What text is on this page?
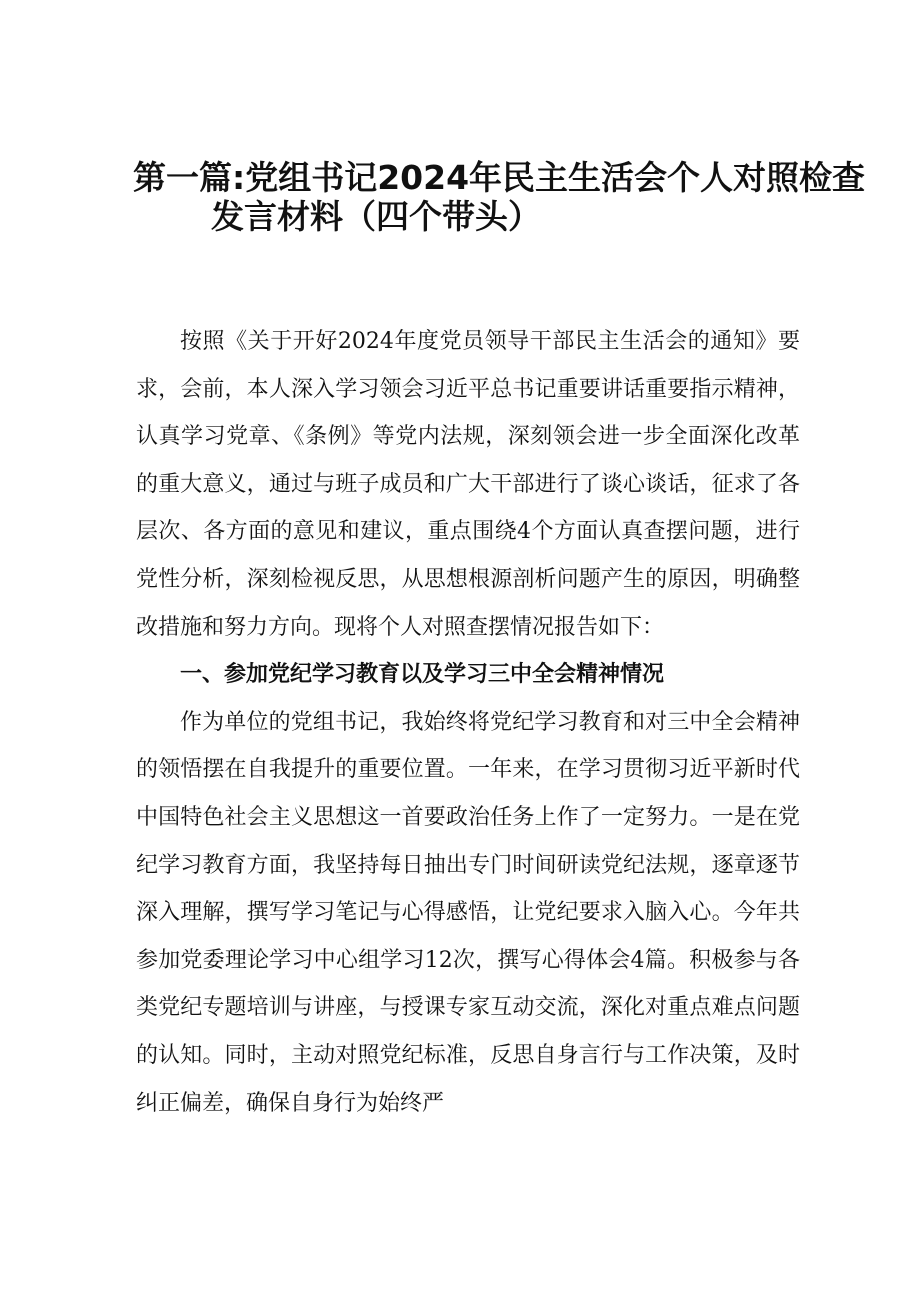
第一篇:党组书记2024年民主生活会个人对照检查
发言材料（四个带头）

按照《关于开好2024年度党员领导干部民主生活会的通知》要求，会前，本人深入学习领会习近平总书记重要讲话重要指示精神，认真学习党章、《条例》等党内法规，深刻领会进一步全面深化改革的重大意义，通过与班子成员和广大干部进行了谈心谈话，征求了各层次、各方面的意见和建议，重点围绕4个方面认真查摆问题，进行党性分析，深刻检视反思，从思想根源剖析问题产生的原因，明确整改措施和努力方向。现将个人对照查摆情况报告如下：

一、参加党纪学习教育以及学习三中全会精神情况

作为单位的党组书记，我始终将党纪学习教育和对三中全会精神的领悟摆在自我提升的重要位置。一年来，在学习贯彻习近平新时代中国特色社会主义思想这一首要政治任务上作了一定努力。一是在党纪学习教育方面，我坚持每日抽出专门时间研读党纪法规，逐章逐节深入理解，撰写学习笔记与心得感悟，让党纪要求入脑入心。今年共参加党委理论学习中心组学习12次，撰写心得体会4篇。积极参与各类党纪专题培训与讲座，与授课专家互动交流，深化对重点难点问题的认知。同时，主动对照党纪标准，反思自身言行与工作决策，及时纠正偏差，确保自身行为始终严
